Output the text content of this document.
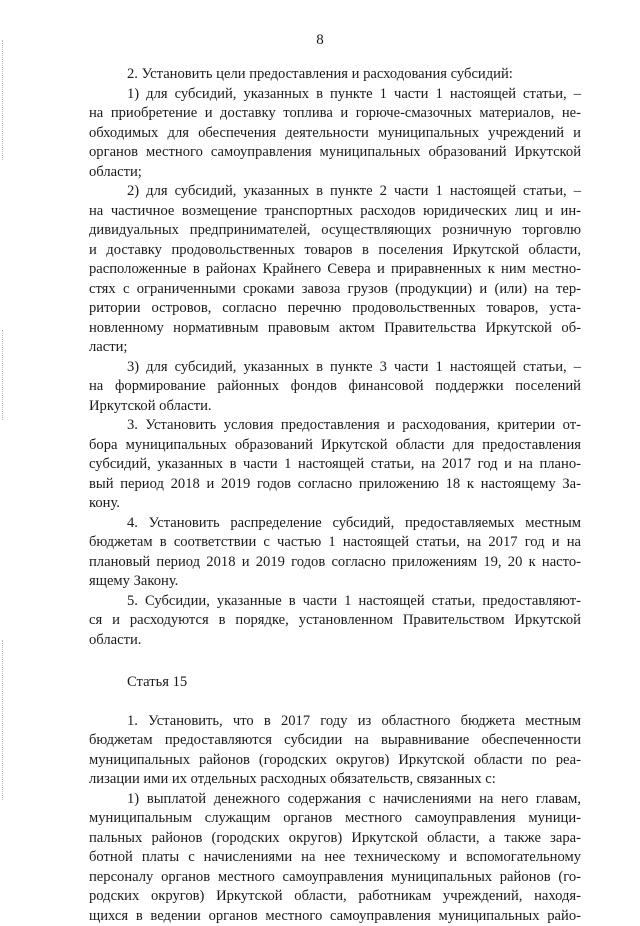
8

2. Установить цели предоставления и расходования субсидий:

1) для субсидий, указанных в пункте 1 части 1 настоящей статьи, –
на приобретение и доставку топлива и горюче-смазочных материалов, не-
обходимых для обеспечения деятельности муниципальных учреждений и
органов местного самоуправления муниципальных образований Иркутской
области;

2) для субсидий, указанных в пункте 2 части 1 настоящей статьи, –
на частичное возмещение транспортных расходов юридических лиц и ин-
дивидуальных предпринимателей, осуществляющих розничную торговлю
и доставку продовольственных товаров в поселения Иркутской области,
расположенные в районах Крайнего Севера и приравненных к ним местно-
стях с ограниченными сроками завоза грузов (продукции) и (или) на тер-
ритории островов, согласно перечню продовольственных товаров, уста-
новленному нормативным правовым актом Правительства Иркутской об-
ласти;

3) для субсидий, указанных в пункте 3 части 1 настоящей статьи, –
на формирование районных фондов финансовой поддержки поселений
Иркутской области.

3. Установить условия предоставления и расходования, критерии от-
бора муниципальных образований Иркутской области для предоставления
субсидий, указанных в части 1 настоящей статьи, на 2017 год и на плано-
вый период 2018 и 2019 годов согласно приложению 18 к настоящему За-
кону.

4. Установить распределение субсидий, предоставляемых местным
бюджетам в соответствии с частью 1 настоящей статьи, на 2017 год и на
плановый период 2018 и 2019 годов согласно приложениям 19, 20 к насто-
ящему Закону.

5. Субсидии, указанные в части 1 настоящей статьи, предоставляют-
ся и расходуются в порядке, установленном Правительством Иркутской
области.

Статья 15

1. Установить, что в 2017 году из областного бюджета местным
бюджетам предоставляются субсидии на выравнивание обеспеченности
муниципальных районов (городских округов) Иркутской области по реа-
лизации ими их отдельных расходных обязательств, связанных с:

1) выплатой денежного содержания с начислениями на него главам,
муниципальным служащим органов местного самоуправления муници-
пальных районов (городских округов) Иркутской области, а также зара-
ботной платы с начислениями на нее техническому и вспомогательному
персоналу органов местного самоуправления муниципальных районов (го-
родских округов) Иркутской области, работникам учреждений, находя-
щихся в ведении органов местного самоуправления муниципальных райо-
